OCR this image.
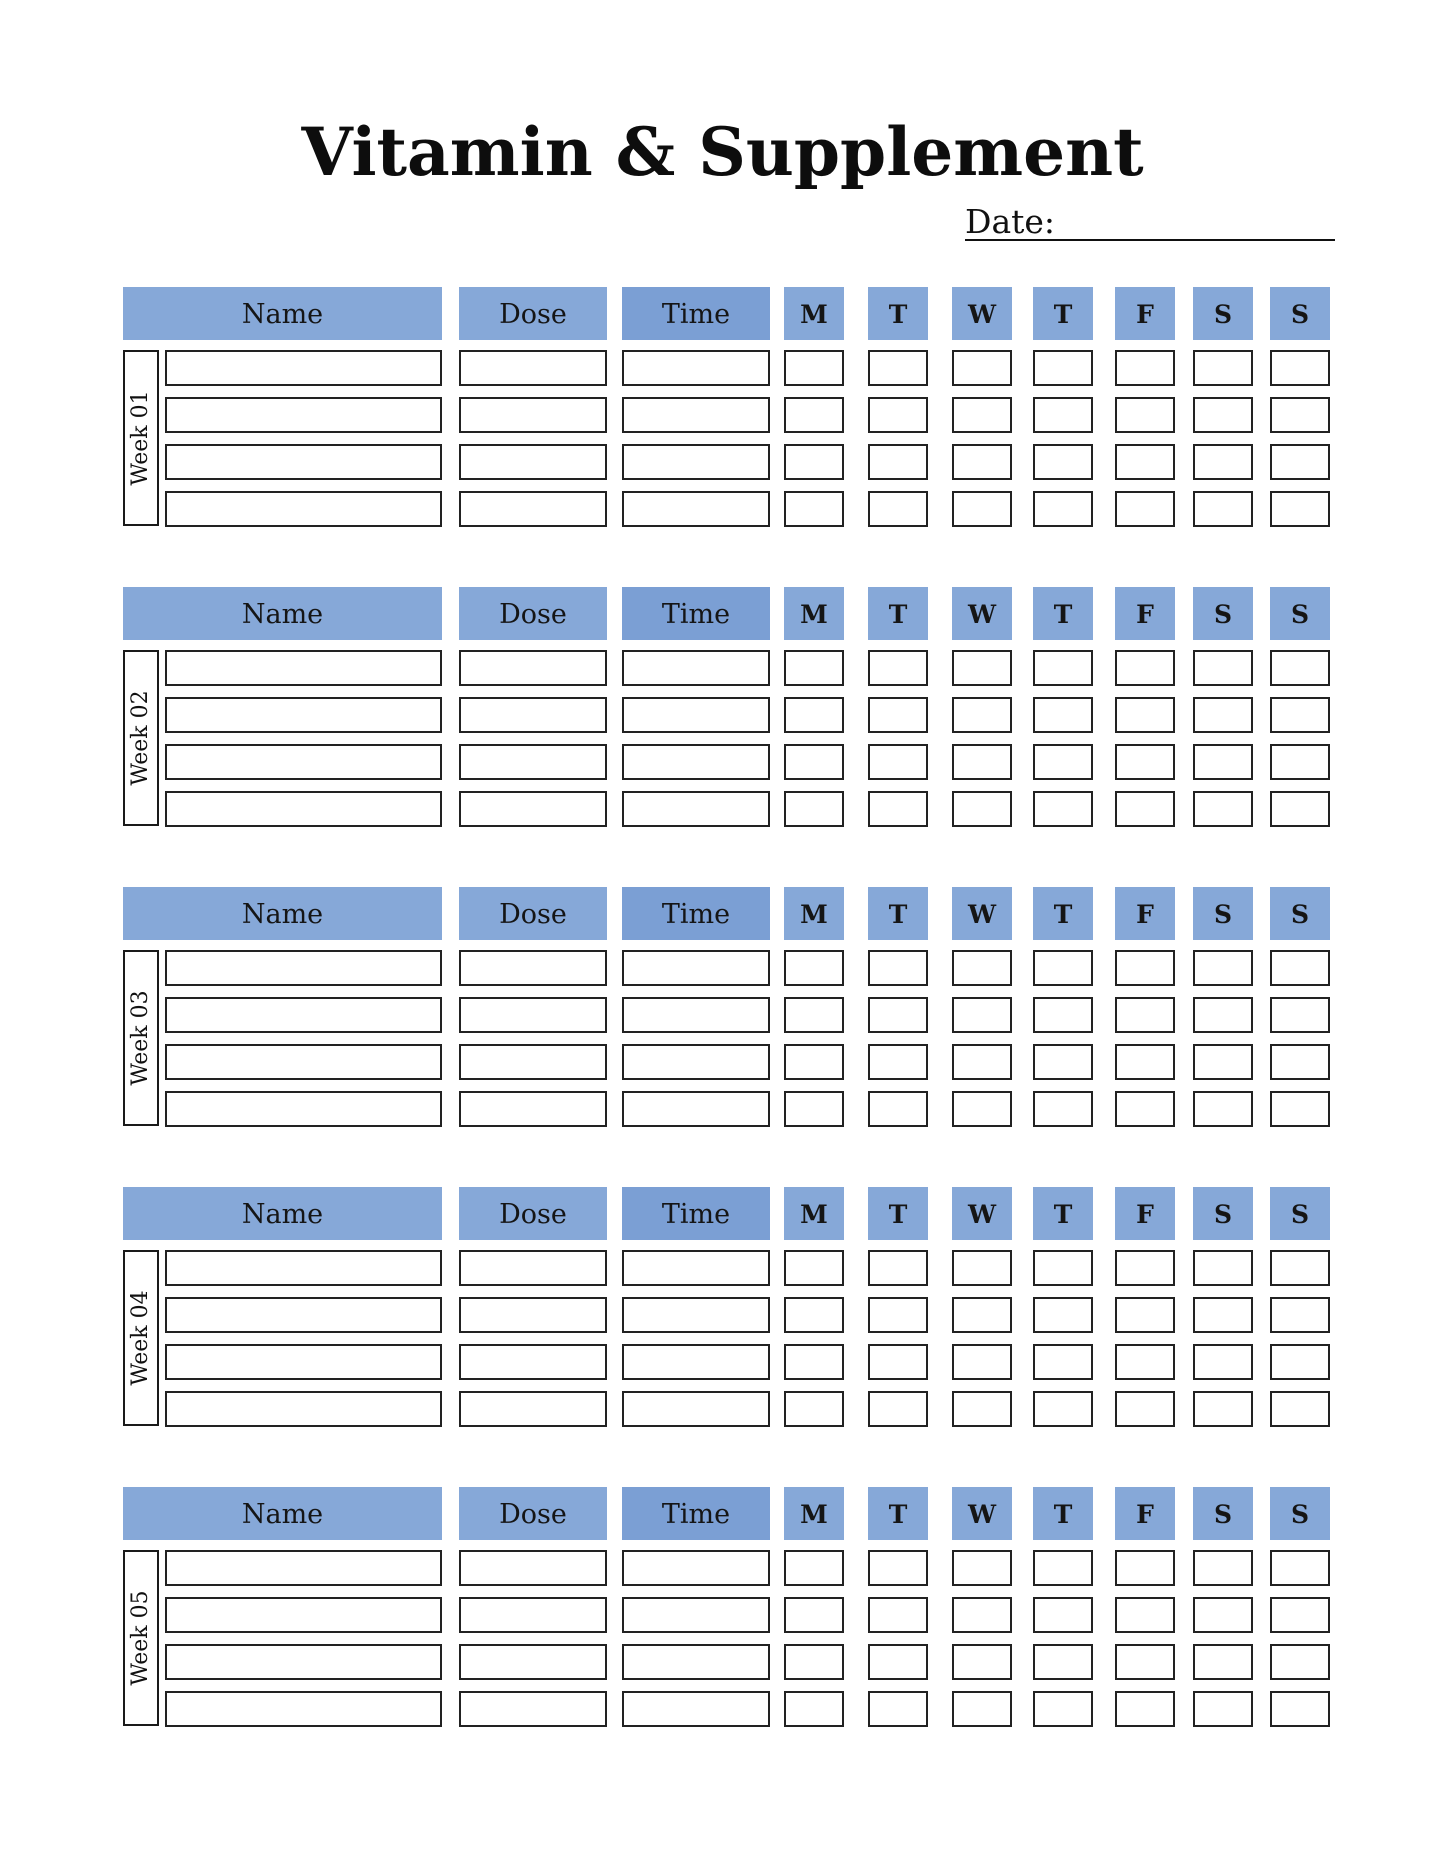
Vitamin & Supplement
Date:
Name	Dose	Time	M	T	W	T	F	S	S
Week 01
Name	Dose	Time	M	T	W	T	F	S	S
Week 02
Name	Dose	Time	M	T	W	T	F	S	S
Week 03
Name	Dose	Time	M	T	W	T	F	S	S
Week 04
Name	Dose	Time	M	T	W	T	F	S	S
Week 05
